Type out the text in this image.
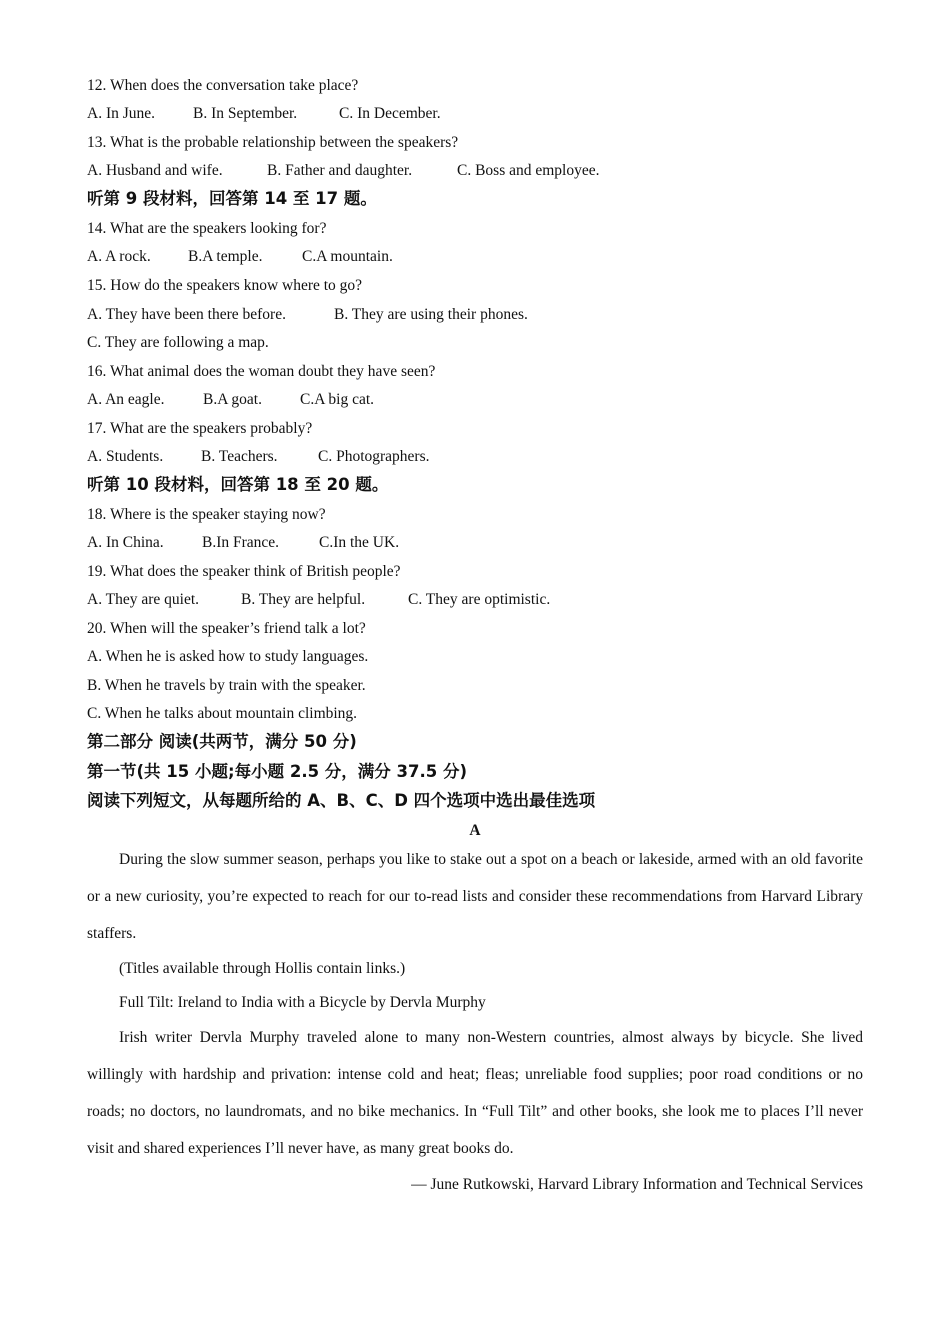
12. When does the conversation take place?
A. In June. B. In September.	C. In December.
13. What is the probable relationship between the speakers?
A. Husband and wife.	B. Father and daughter.	C. Boss and employee.
听第 9 段材料，回答第 14 至 17 题。
14. What are the speakers looking for?
A. A rock. B.A temple.	C.A mountain.
15. How do the speakers know where to go?
A. They have been there before.	B. They are using their phones.
C. They are following a map.
16. What animal does the woman doubt they have seen?
A. An eagle. B.A goat. C.A big cat.
17. What are the speakers probably?
A. Students. B. Teachers.	C. Photographers.
听第 10 段材料，回答第 18 至 20 题。
18. Where is the speaker staying now?
A. In China. B.In France.	C.In the UK.
19. What does the speaker think of British people?
A. They are quiet.	B. They are helpful.	C. They are optimistic.
20. When will the speaker’s friend talk a lot?
A. When he is asked how to study languages.
B. When he travels by train with the speaker.
C. When he talks about mountain climbing.
第二部分 阅读(共两节，满分 50 分)
第一节(共 15 小题;每小题 2.5 分，满分 37.5 分)
阅读下列短文，从每题所给的 A、B、C、D 四个选项中选出最佳选项
A
During the slow summer season, perhaps you like to stake out a spot on a beach or lakeside, armed with an old favorite or a new curiosity, you’re expected to reach for our to-read lists and consider these recommendations from Harvard Library staffers.
(Titles available through Hollis contain links.)
Full Tilt: Ireland to India with a Bicycle by Dervla Murphy
Irish writer Dervla Murphy traveled alone to many non-Western countries, almost always by bicycle. She lived willingly with hardship and privation: intense cold and heat; fleas; unreliable food supplies; poor road conditions or no roads; no doctors, no laundromats, and no bike mechanics. In “Full Tilt” and other books, she look me to places I’ll never visit and shared experiences I’ll never have, as many great books do.
— June Rutkowski, Harvard Library Information and Technical Services
